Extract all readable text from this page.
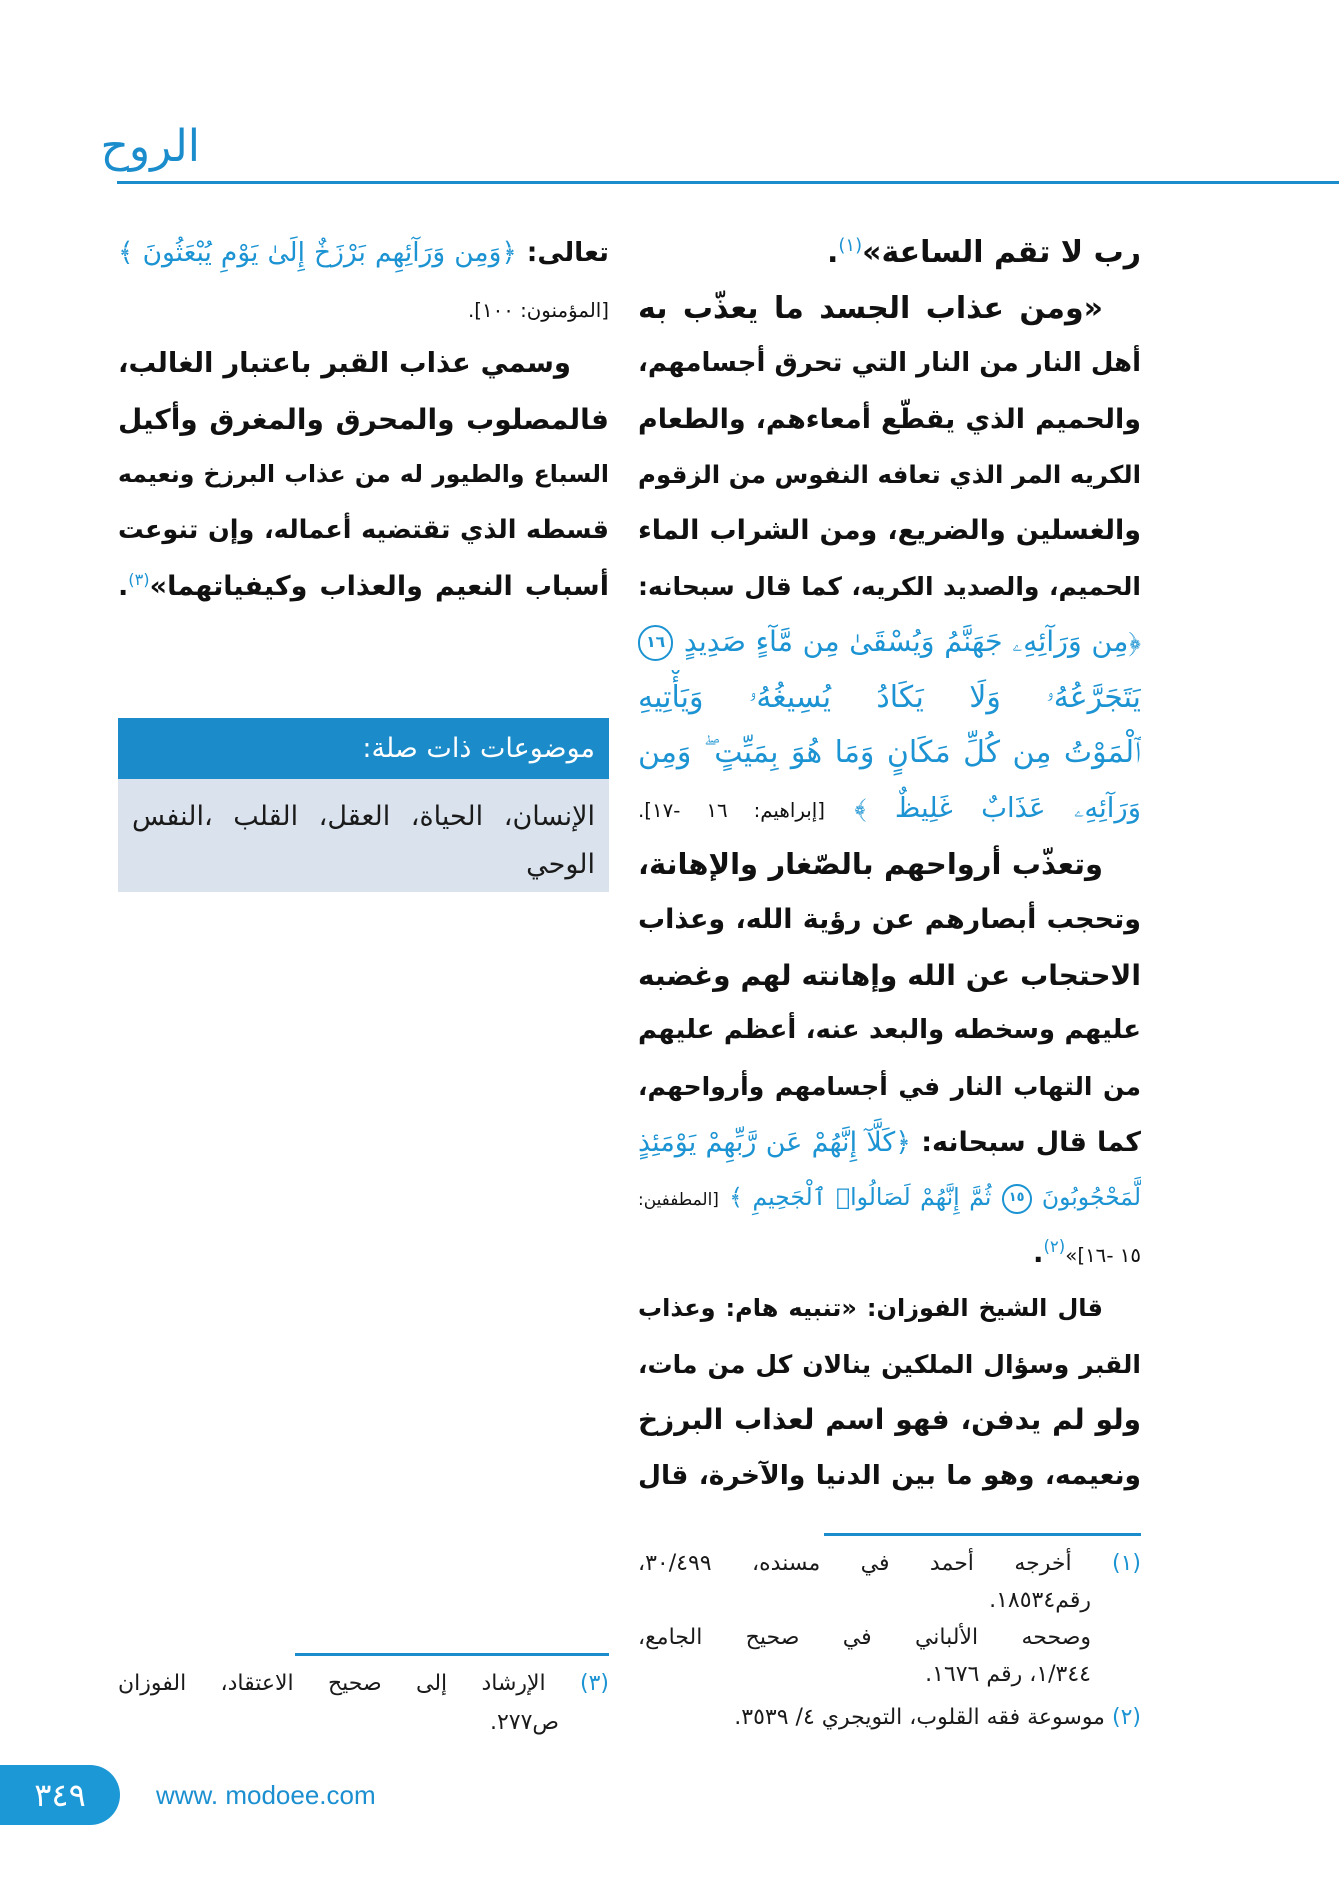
الروح
رب لا تقم الساعة»$^{(١)}$.
«ومن عذاب الجسد ما يعذّب به
أهل النار من النار التي تحرق أجسامهم،
والحميم الذي يقطّع أمعاءهم، والطعام
الكريه المر الذي تعافه النفوس من الزقوم
والغسلين والضريع، ومن الشراب الماء
الحميم، والصديد الكريه، كما قال سبحانه:
﴿مِن وَرَآئِهِۦ جَهَنَّمُ وَيُسْقَىٰ مِن مَّآءٍ صَدِيدٍ ١٦
يَتَجَرَّعُهُۥ وَلَا يَكَادُ يُسِيغُهُۥ وَيَأْتِيهِ
ٱلْمَوْتُ مِن كُلِّ مَكَانٍ وَمَا هُوَ بِمَيِّتٍ ۖ وَمِن
وَرَآئِهِۦ عَذَابٌ غَلِيظٌ ﴾ [إبراهيم: ١٦ -١٧].
وتعذّب أرواحهم بالصّغار والإهانة،
وتحجب أبصارهم عن رؤية الله، وعذاب
الاحتجاب عن الله وإهانته لهم وغضبه
عليهم وسخطه والبعد عنه، أعظم عليهم
من التهاب النار في أجسامهم وأرواحهم،
كما قال سبحانه: ﴿كَلَّآ إِنَّهُمْ عَن رَّبِّهِمْ يَوْمَئِذٍ
لَّمَحْجُوبُونَ ١٥ ثُمَّ إِنَّهُمْ لَصَالُوا۟ ٱلْجَحِيمِ ﴾ [المطففين:
١٥ -١٦]»$^{(٢)}$.
قال الشيخ الفوزان: «تنبيه هام: وعذاب
القبر وسؤال الملكين ينالان كل من مات،
ولو لم يدفن، فهو اسم لعذاب البرزخ
ونعيمه، وهو ما بين الدنيا والآخرة، قال
تعالى: ﴿وَمِن وَرَآئِهِم بَرْزَخٌ إِلَىٰ يَوْمِ يُبْعَثُونَ ﴾
[المؤمنون: ١٠٠].
وسمي عذاب القبر باعتبار الغالب،
فالمصلوب والمحرق والمغرق وأكيل
السباع والطيور له من عذاب البرزخ ونعيمه
قسطه الذي تقتضيه أعماله، وإن تنوعت
أسباب النعيم والعذاب وكيفياتهما»$^{(٣)}$.
موضوعات ذات صلة:
الإنسان، الحياة، العقل، القلب ،النفس
الوحي
(١) أخرجه أحمد في مسنده، ٣٠/٤٩٩،
رقم١٨٥٣٤.
وصححه الألباني في صحيح الجامع،
١/٣٤٤، رقم ١٦٧٦.
(٢) موسوعة فقه القلوب، التويجري ٤/ ٣٥٣٩.
(٣) الإرشاد إلى صحيح الاعتقاد، الفوزان
ص٢٧٧.
٣٤٩	www. modoee.com
